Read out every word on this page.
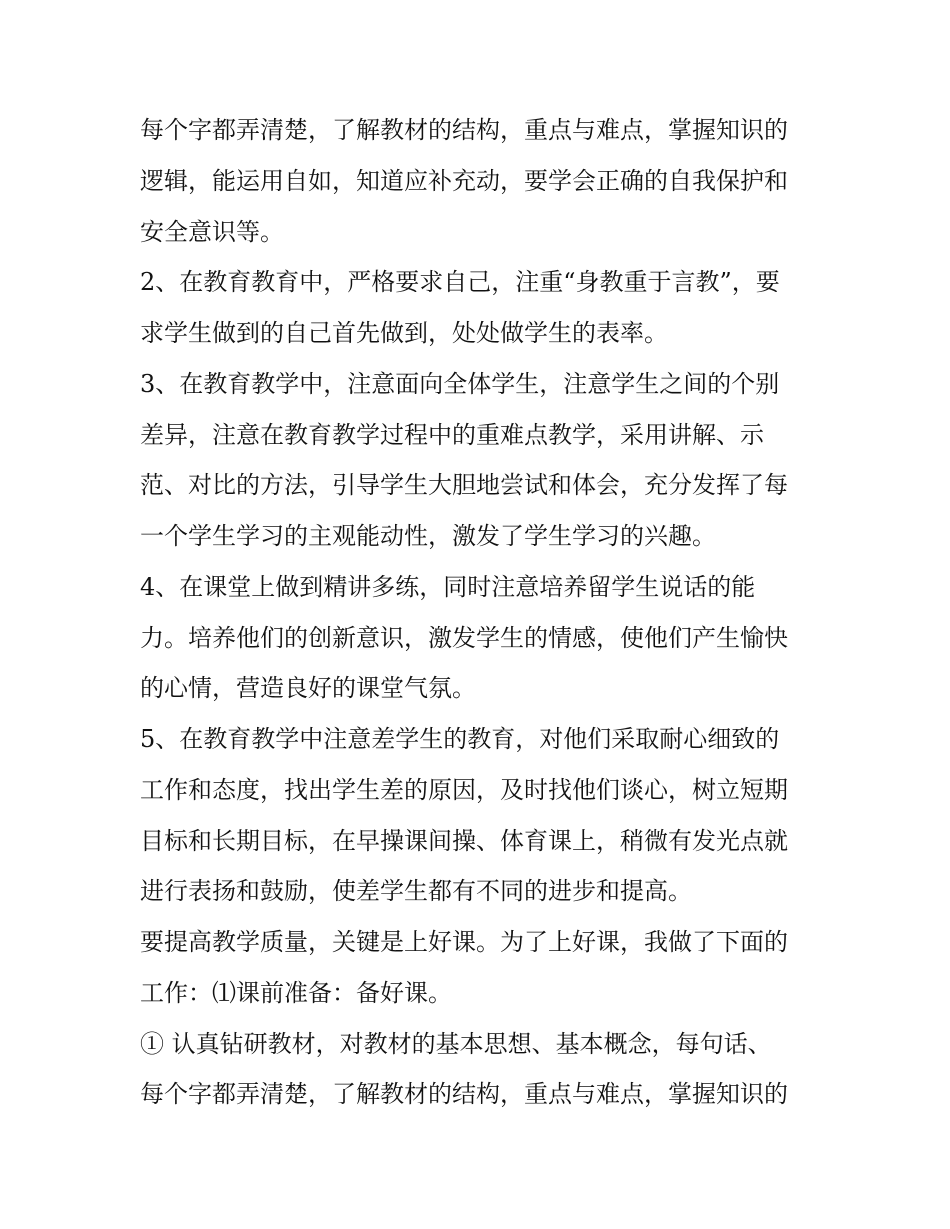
每个字都弄清楚，了解教材的结构，重点与难点，掌握知识的
逻辑，能运用自如，知道应补充动，要学会正确的自我保护和
安全意识等。
2、在教育教育中，严格要求自己，注重“身教重于言教”，要
求学生做到的自己首先做到，处处做学生的表率。
3、在教育教学中，注意面向全体学生，注意学生之间的个别
差异，注意在教育教学过程中的重难点教学，采用讲解、示
范、对比的方法，引导学生大胆地尝试和体会，充分发挥了每
一个学生学习的主观能动性，激发了学生学习的兴趣。
4、在课堂上做到精讲多练，同时注意培养留学生说话的能
力。培养他们的创新意识，激发学生的情感，使他们产生愉快
的心情，营造良好的课堂气氛。
5、在教育教学中注意差学生的教育，对他们采取耐心细致的
工作和态度，找出学生差的原因，及时找他们谈心，树立短期
目标和长期目标，在早操课间操、体育课上，稍微有发光点就
进行表扬和鼓励，使差学生都有不同的进步和提高。
要提高教学质量，关键是上好课。为了上好课，我做了下面的
工作：⑴课前准备：备好课。
① 认真钻研教材，对教材的基本思想、基本概念，每句话、
每个字都弄清楚，了解教材的结构，重点与难点，掌握知识的
